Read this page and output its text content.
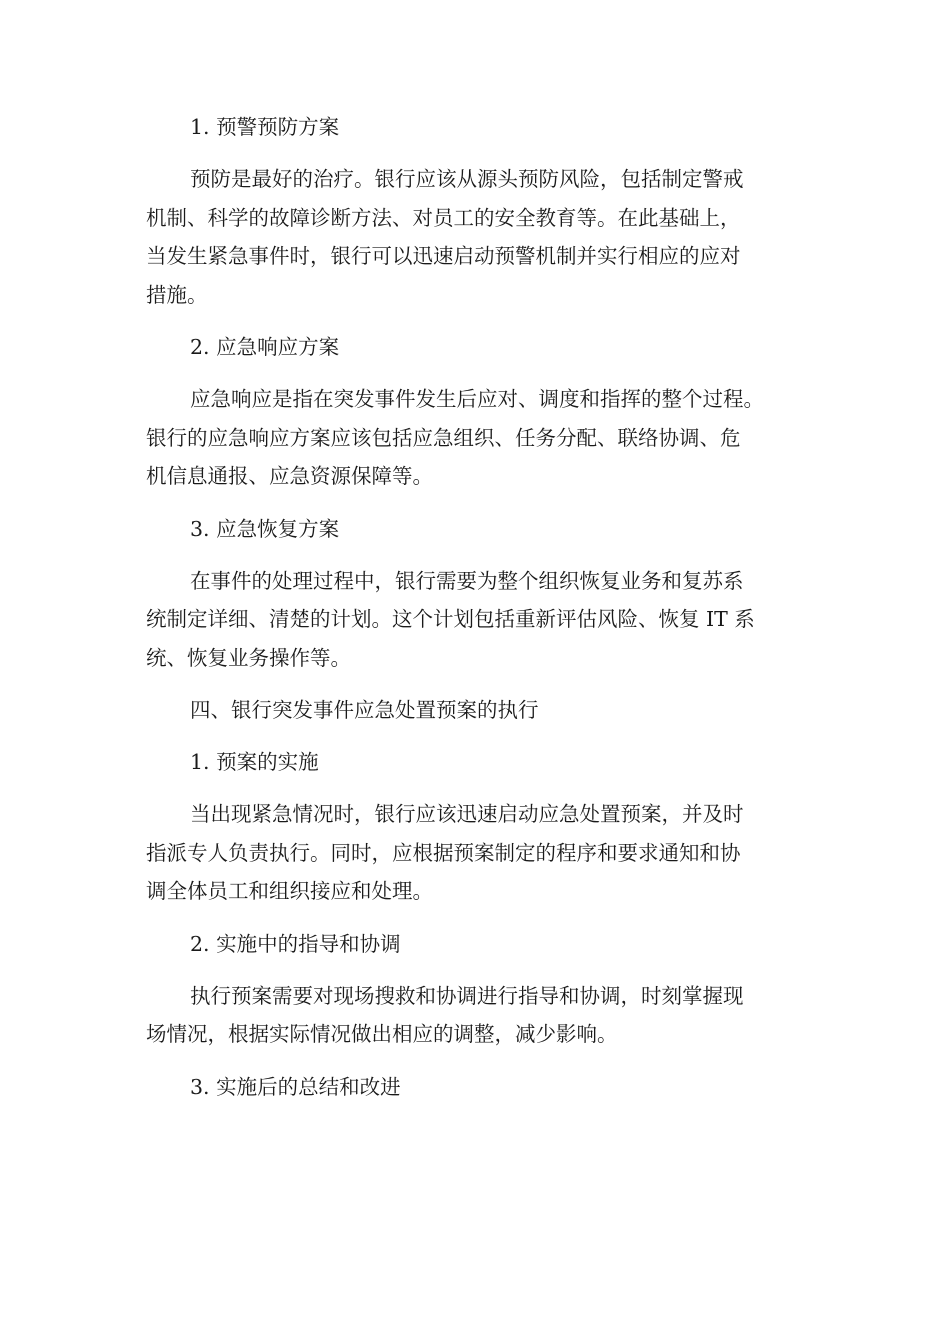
1. 预警预防方案

预防是最好的治疗。银行应该从源头预防风险，包括制定警戒
机制、科学的故障诊断方法、对员工的安全教育等。在此基础上，
当发生紧急事件时，银行可以迅速启动预警机制并实行相应的应对
措施。

2. 应急响应方案

应急响应是指在突发事件发生后应对、调度和指挥的整个过程。
银行的应急响应方案应该包括应急组织、任务分配、联络协调、危
机信息通报、应急资源保障等。

3. 应急恢复方案

在事件的处理过程中，银行需要为整个组织恢复业务和复苏系
统制定详细、清楚的计划。这个计划包括重新评估风险、恢复 IT 系
统、恢复业务操作等。

四、银行突发事件应急处置预案的执行

1. 预案的实施

当出现紧急情况时，银行应该迅速启动应急处置预案，并及时
指派专人负责执行。同时，应根据预案制定的程序和要求通知和协
调全体员工和组织接应和处理。

2. 实施中的指导和协调

执行预案需要对现场搜救和协调进行指导和协调，时刻掌握现
场情况，根据实际情况做出相应的调整，减少影响。

3. 实施后的总结和改进
